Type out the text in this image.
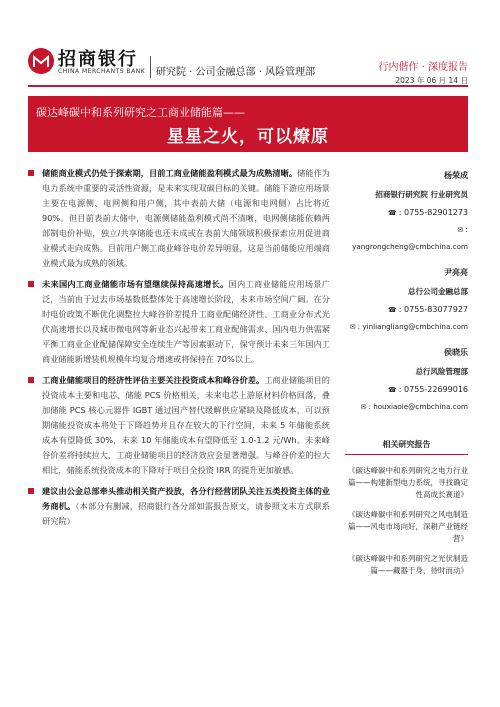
招商银行
CHINA MERCHANTS BANK 研究院 · 公司金融总部 · 风险管理部	行内偕作 · 深度报告
2023 年 06 月 14 日
碳达峰碳中和系列研究之工商业储能篇——
星星之火，可以燎原
储能商业模式仍处于探索期，目前工商业储能盈利模式最为成熟清晰。储能作为电力系统中重要的灵活性资源，是未来实现双碳目标的关键。储能下游应用场景主要在电源侧、电网侧和用户侧，其中表前大储（电源和电网侧）占比将近 90%。但目前表前大储中，电源侧储能盈利模式尚不清晰，电网侧储能依赖两部制电价补贴，独立/共享储能也还未成或在表前大储领域积极探索应用促进商业模式走向成熟。目前用户侧工商业峰谷电价差异明显，这是当前储能应用端商业模式最为成熟的领域。
未来国内工商业储能市场有望继续保持高速增长。国内工商业储能应用场景广泛，当前由于过去市场基数低整体处于高速增长阶段，未来市场空间广阔。在分时电价政策不断优化调整拉大峰谷价差提升工商业配储经济性、工商业分布式光伏高速增长以及城市微电网等新业态兴起带来工商业配储需求、国内电力供需紧平衡工商业企业配储保障安全连续生产等因素驱动下，保守预计未来三年国内工商业储能新增装机规模年均复合增速或将保持在 70%以上。
工商业储能项目的经济性评估主要关注投资成本和峰谷价差。工商业储能项目的投资成本主要和电芯、储能 PCS 价格相关，未来电芯上游原材料价格回落，叠加储能 PCS 核心元器件 IGBT 通过国产替代缓解供应紧缺及降低成本，可以预期储能投资成本将处于下降趋势并且存在较大的下行空间，未来 5 年储能系统成本有望降低 30%，未来 10 年储能成本有望降低至 1.0-1.2 元/Wh。未来峰谷价差将持续拉大，工商业储能项目的经济效应会显著增强。与峰谷价差的拉大相比，储能系统投资成本的下降对于项目全投资 IRR 的提升更加敏感。
建议由公金总部牵头推动相关资产投放，各分行经营团队关注五类投资主体的业务商机。（本部分有删减，招商银行各分部如需报告原文，请参照文末方式联系研究院）
杨荣成
招商银行研究院 行业研究员
☎ : 0755-82901273
✉ :
yangrongcheng@cmbchina.com
尹亮亮
总行公司金融总部
☎ : 0755-83077927
✉ : yinliangliang@cmbchina.com
侯晓乐
总行风险管理部
☎ : 0755-22699016
✉ : houxiaole@cmbchina.com
相关研究报告
《碳达峰碳中和系列研究之电力行业篇——构建新型电力系统，寻找确定性高成长赛道》
《碳达峰碳中和系列研究之风电制造篇——风电市场向好，深耕产业链经营》
《碳达峰碳中和系列研究之光伏制造篇——藏器于身，待时而动》
